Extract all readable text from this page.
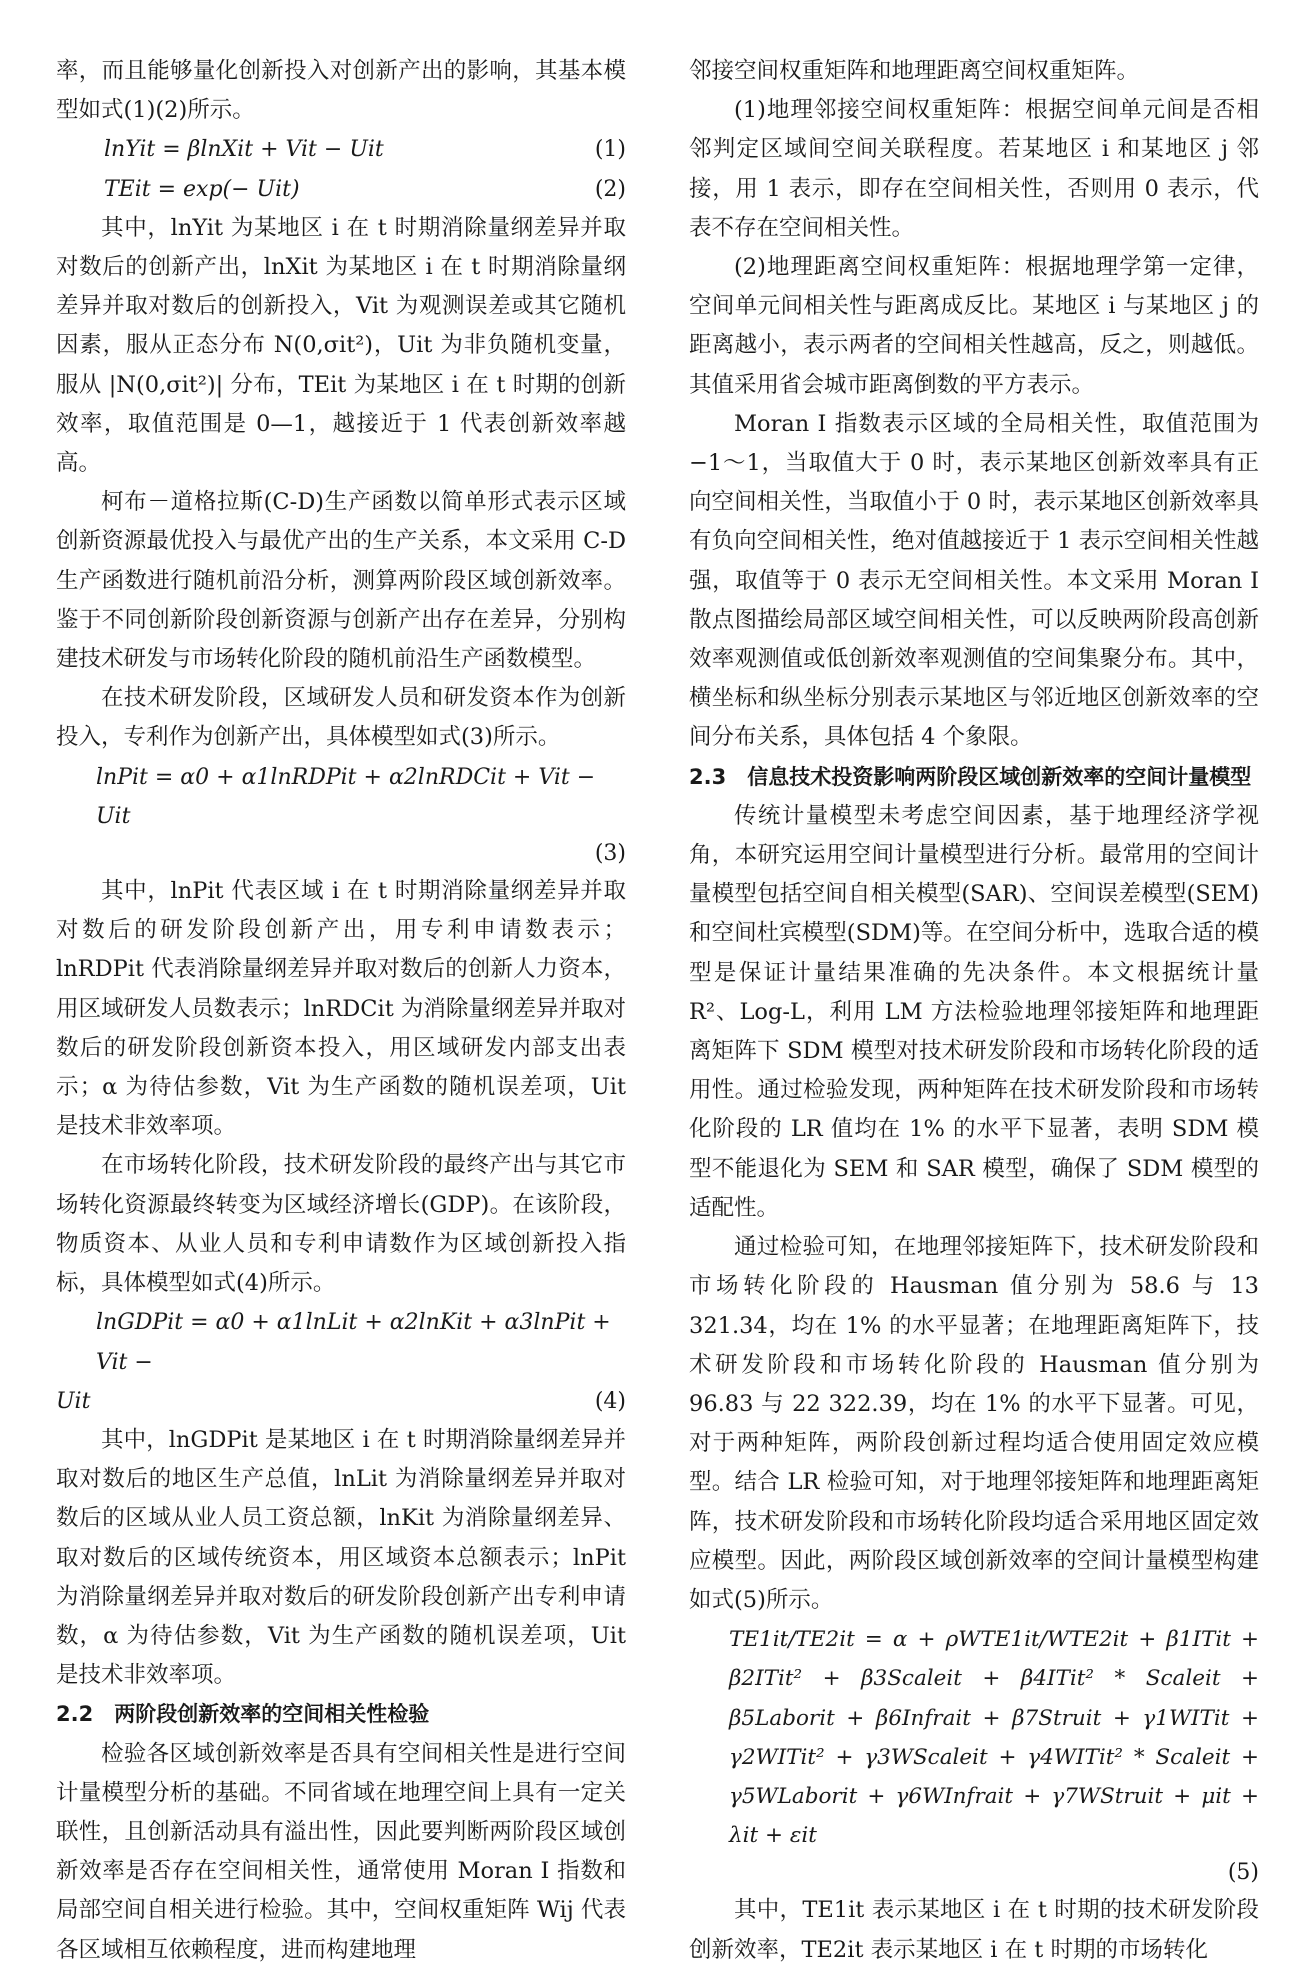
率，而且能够量化创新投入对创新产出的影响，其基本模型如式(1)(2)所示。

lnYit = βlnXit + Vit − Uit	(1)
TEit = exp(− Uit)	(2)

其中，lnYit 为某地区 i 在 t 时期消除量纲差异并取对数后的创新产出，lnXit 为某地区 i 在 t 时期消除量纲差异并取对数后的创新投入，Vit 为观测误差或其它随机因素，服从正态分布 N(0,σit²)，Uit 为非负随机变量，服从 |N(0,σit²)| 分布，TEit 为某地区 i 在 t 时期的创新效率，取值范围是 0—1，越接近于 1 代表创新效率越高。

柯布－道格拉斯(C-D)生产函数以简单形式表示区域创新资源最优投入与最优产出的生产关系，本文采用 C-D 生产函数进行随机前沿分析，测算两阶段区域创新效率。鉴于不同创新阶段创新资源与创新产出存在差异，分别构建技术研发与市场转化阶段的随机前沿生产函数模型。

在技术研发阶段，区域研发人员和研发资本作为创新投入，专利作为创新产出，具体模型如式(3)所示。

lnPit = α0 + α1lnRDPit + α2lnRDCit + Vit − Uit
(3)

其中，lnPit 代表区域 i 在 t 时期消除量纲差异并取对数后的研发阶段创新产出，用专利申请数表示；lnRDPit 代表消除量纲差异并取对数后的创新人力资本，用区域研发人员数表示；lnRDCit 为消除量纲差异并取对数后的研发阶段创新资本投入，用区域研发内部支出表示；α 为待估参数，Vit 为生产函数的随机误差项，Uit 是技术非效率项。

在市场转化阶段，技术研发阶段的最终产出与其它市场转化资源最终转变为区域经济增长(GDP)。在该阶段，物质资本、从业人员和专利申请数作为区域创新投入指标，具体模型如式(4)所示。

lnGDPit = α0 + α1lnLit + α2lnKit + α3lnPit + Vit −
Uit	(4)

其中，lnGDPit 是某地区 i 在 t 时期消除量纲差异并取对数后的地区生产总值，lnLit 为消除量纲差异并取对数后的区域从业人员工资总额，lnKit 为消除量纲差异、取对数后的区域传统资本，用区域资本总额表示；lnPit 为消除量纲差异并取对数后的研发阶段创新产出专利申请数，α 为待估参数，Vit 为生产函数的随机误差项，Uit 是技术非效率项。

2.2　两阶段创新效率的空间相关性检验

检验各区域创新效率是否具有空间相关性是进行空间计量模型分析的基础。不同省域在地理空间上具有一定关联性，且创新活动具有溢出性，因此要判断两阶段区域创新效率是否存在空间相关性，通常使用 Moran I 指数和局部空间自相关进行检验。其中，空间权重矩阵 Wij 代表各区域相互依赖程度，进而构建地理

邻接空间权重矩阵和地理距离空间权重矩阵。

(1)地理邻接空间权重矩阵：根据空间单元间是否相邻判定区域间空间关联程度。若某地区 i 和某地区 j 邻接，用 1 表示，即存在空间相关性，否则用 0 表示，代表不存在空间相关性。

(2)地理距离空间权重矩阵：根据地理学第一定律，空间单元间相关性与距离成反比。某地区 i 与某地区 j 的距离越小，表示两者的空间相关性越高，反之，则越低。其值采用省会城市距离倒数的平方表示。

Moran I 指数表示区域的全局相关性，取值范围为 −1～1，当取值大于 0 时，表示某地区创新效率具有正向空间相关性，当取值小于 0 时，表示某地区创新效率具有负向空间相关性，绝对值越接近于 1 表示空间相关性越强，取值等于 0 表示无空间相关性。本文采用 Moran I 散点图描绘局部区域空间相关性，可以反映两阶段高创新效率观测值或低创新效率观测值的空间集聚分布。其中，横坐标和纵坐标分别表示某地区与邻近地区创新效率的空间分布关系，具体包括 4 个象限。

2.3　信息技术投资影响两阶段区域创新效率的空间计量模型

传统计量模型未考虑空间因素，基于地理经济学视角，本研究运用空间计量模型进行分析。最常用的空间计量模型包括空间自相关模型(SAR)、空间误差模型(SEM)和空间杜宾模型(SDM)等。在空间分析中，选取合适的模型是保证计量结果准确的先决条件。本文根据统计量 R²、Log-L，利用 LM 方法检验地理邻接矩阵和地理距离矩阵下 SDM 模型对技术研发阶段和市场转化阶段的适用性。通过检验发现，两种矩阵在技术研发阶段和市场转化阶段的 LR 值均在 1% 的水平下显著，表明 SDM 模型不能退化为 SEM 和 SAR 模型，确保了 SDM 模型的适配性。

通过检验可知，在地理邻接矩阵下，技术研发阶段和市场转化阶段的 Hausman 值分别为 58.6 与 13 321.34，均在 1% 的水平显著；在地理距离矩阵下，技术研发阶段和市场转化阶段的 Hausman 值分别为 96.83 与 22 322.39，均在 1% 的水平下显著。可见，对于两种矩阵，两阶段创新过程均适合使用固定效应模型。结合 LR 检验可知，对于地理邻接矩阵和地理距离矩阵，技术研发阶段和市场转化阶段均适合采用地区固定效应模型。因此，两阶段区域创新效率的空间计量模型构建如式(5)所示。

TE1it/TE2it = α + ρWTE1it/WTE2it + β1ITit + β2ITit² + β3Scaleit + β4ITit² * Scaleit + β5Laborit + β6Infrait + β7Struit + γ1WITit + γ2WITit² + γ3WScaleit + γ4WITit² * Scaleit + γ5WLaborit + γ6WInfrait + γ7WStruit + μit + λit + εit
(5)

其中，TE1it 表示某地区 i 在 t 时期的技术研发阶段创新效率，TE2it 表示某地区 i 在 t 时期的市场转化
